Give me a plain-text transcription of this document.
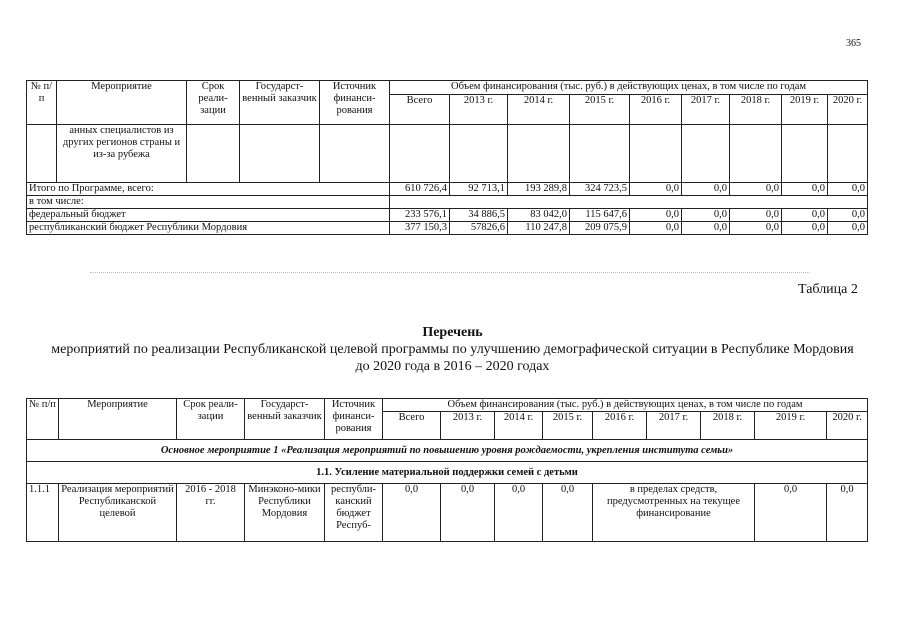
365
№ п/п	Мероприятие	Срок реали-зации	Государст-венный заказчик	Источник финанси-рования	Объем финансирования (тыс. руб.) в действующих ценах, в том числе по годам								
					Всего	2013 г.	2014 г.	2015 г.	2016 г.	2017 г.	2018 г.	2019 г.	2020 г.
	анных специалистов из других регионов страны и из-за рубежа												
Итого по Программе, всего:					610 726,4	92 713,1	193 289,8	324 723,5	0,0	0,0	0,0	0,0	0,0
в том числе:													
федеральный бюджет					233 576,1	34 886,5	83 042,0	115 647,6	0,0	0,0	0,0	0,0	0,0
республиканский бюджет Республики Мордовия					377 150,3	57826,6	110 247,8	209 075,9	0,0	0,0	0,0	0,0	0,0
Таблица 2
Перечень
мероприятий по реализации Республиканской целевой программы по улучшению демографической ситуации в Республике Мордовия до 2020 года в 2016 – 2020 годах
№ п/п	Мероприятие	Срок реали-зации	Государст-венный заказчик	Источник финанси-рования	Объем финансирования (тыс. руб.) в действующих ценах, в том числе по годам								
					Всего	2013 г.	2014 г.	2015 г.	2016 г.	2017 г.	2018 г.	2019 г.	2020 г.
Основное мероприятие 1 «Реализация мероприятий по повышению уровня рождаемости, укрепления института семьи»													
1.1. Усиление материальной поддержки семей с детьми													
1.1.1	Реализация мероприятий Республиканской целевой	2016 - 2018 гг.	Минэконо-мики Республики Мордовия	республи-канский бюджет Респуб-	0,0	0,0	0,0	0,0	в пределах средств, предусмотренных на текущее финансирование			0,0	0,0
